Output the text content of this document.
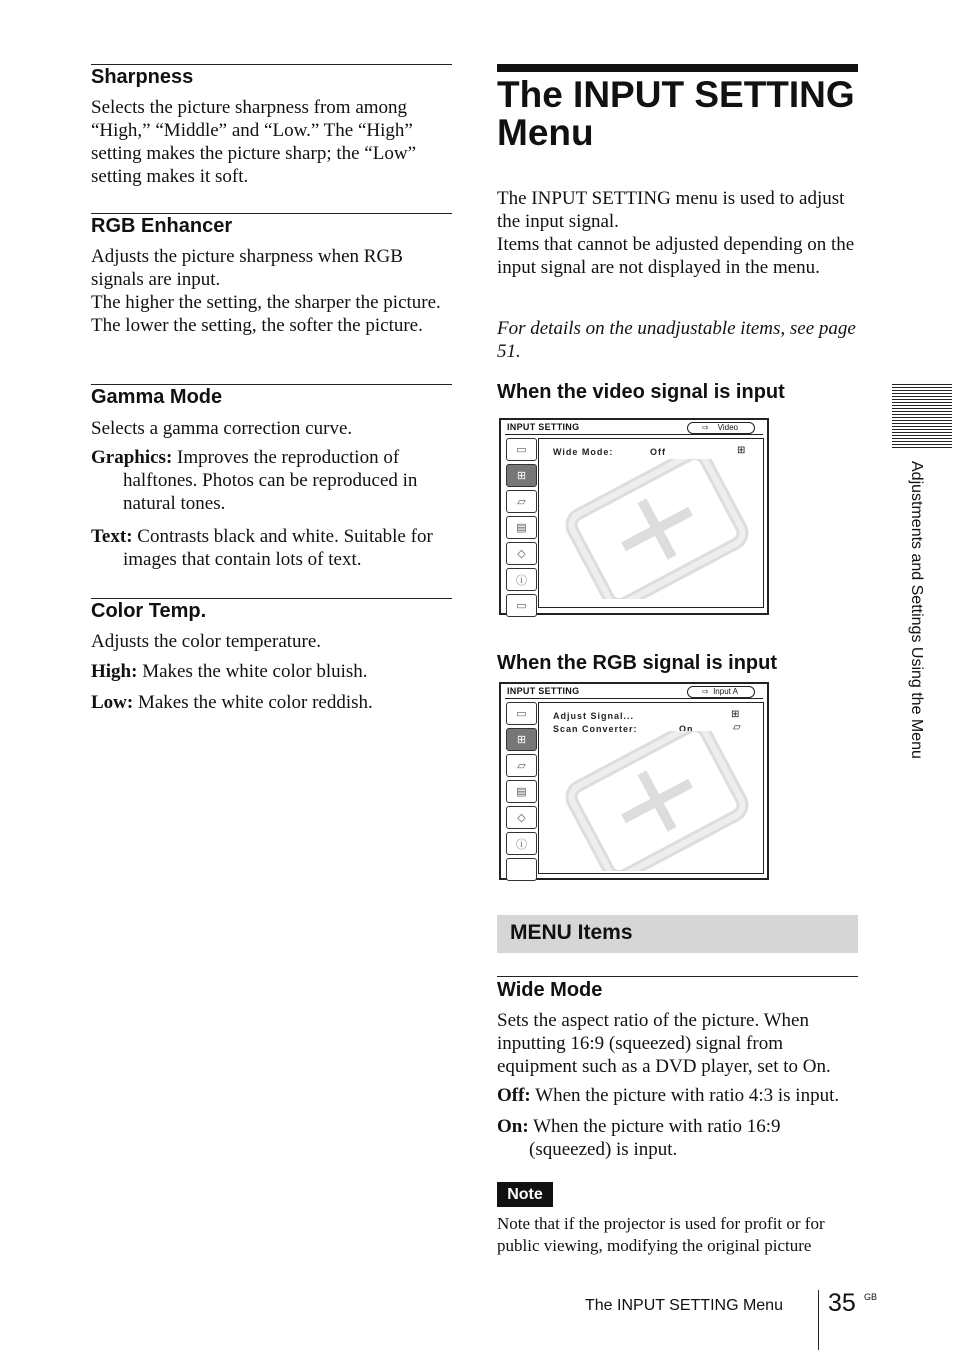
Sharpness
Selects the picture sharpness from among “High,” “Middle” and “Low.” The “High” setting makes the picture sharp; the “Low” setting makes it soft.
RGB Enhancer
Adjusts the picture sharpness when RGB signals are input.
The higher the setting, the sharper the picture. The lower the setting, the softer the picture.
Gamma Mode
Selects a gamma correction curve.
Graphics: Improves the reproduction of halftones. Photos can be reproduced in natural tones.
Text: Contrasts black and white. Suitable for images that contain lots of text.
Color Temp.
Adjusts the color temperature.
High: Makes the white color bluish.
Low: Makes the white color reddish.
The INPUT SETTING
Menu
The INPUT SETTING menu is used to adjust the input signal.
Items that cannot be adjusted depending on the input signal are not displayed in the menu.
For details on the unadjustable items, see page 51.
When the video signal is input
INPUT SETTING	⇨ Video
▭
⊞
▱
▤
◇
ⓘ
▭
Wide Mode:	Off	⊞
When the RGB signal is input
INPUT SETTING	⇨ Input A
▭
⊞
▱
▤
◇
ⓘ
Adjust Signal...	⊞
Scan Converter:	On	▱
MENU Items
Wide Mode
Sets the aspect ratio of the picture. When inputting 16:9 (squeezed) signal from equipment such as a DVD player, set to On.
Off: When the picture with ratio 4:3 is input.
On: When the picture with ratio 16:9 (squeezed) is input.
Note
Note that if the projector is used for profit or for public viewing, modifying the original picture
Adjustments and Settings Using the Menu
The INPUT SETTING Menu 35 GB
